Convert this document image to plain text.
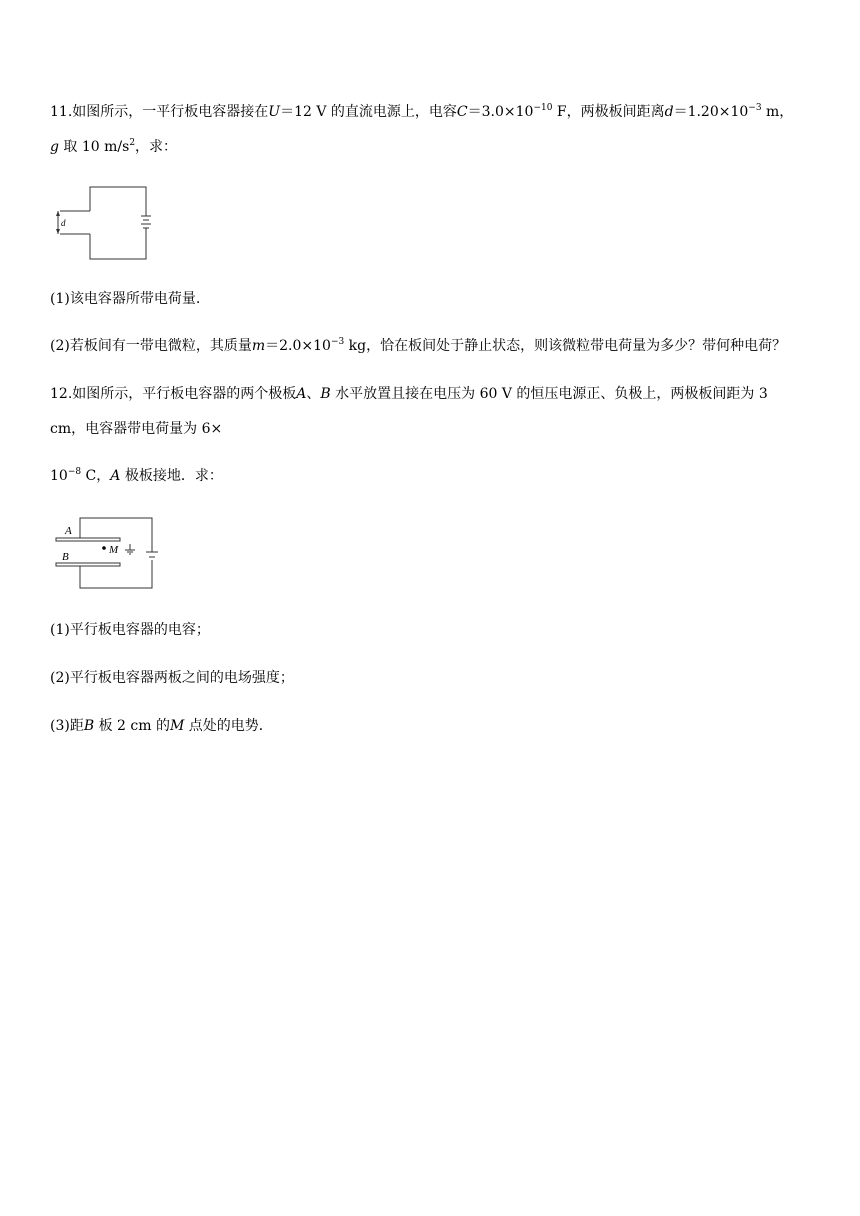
11.如图所示，一平行板电容器接在U＝12 V 的直流电源上，电容$C=3.0\times 10^{-10}$ F，两极板间距离$d=1.20\times 10^{-3}$ m，
g 取 10 $m/s^2$，求：
d
(1)该电容器所带电荷量.
(2)若板间有一带电微粒，其质量$m=2.0\times 10^{-3}$ kg，恰在板间处于静止状态，则该微粒带电荷量为多少？带何种电荷？
12.如图所示，平行板电容器的两个极板A、B 水平放置且接在电压为 60 V 的恒压电源正、负极上，两极板间距为 3
cm，电容器带电荷量为 6×
$10^{-8}$ C，A 极板接地．求：
A
M
B
(1)平行板电容器的电容；
(2)平行板电容器两板之间的电场强度；
(3)距B 板 2 cm 的M 点处的电势．
